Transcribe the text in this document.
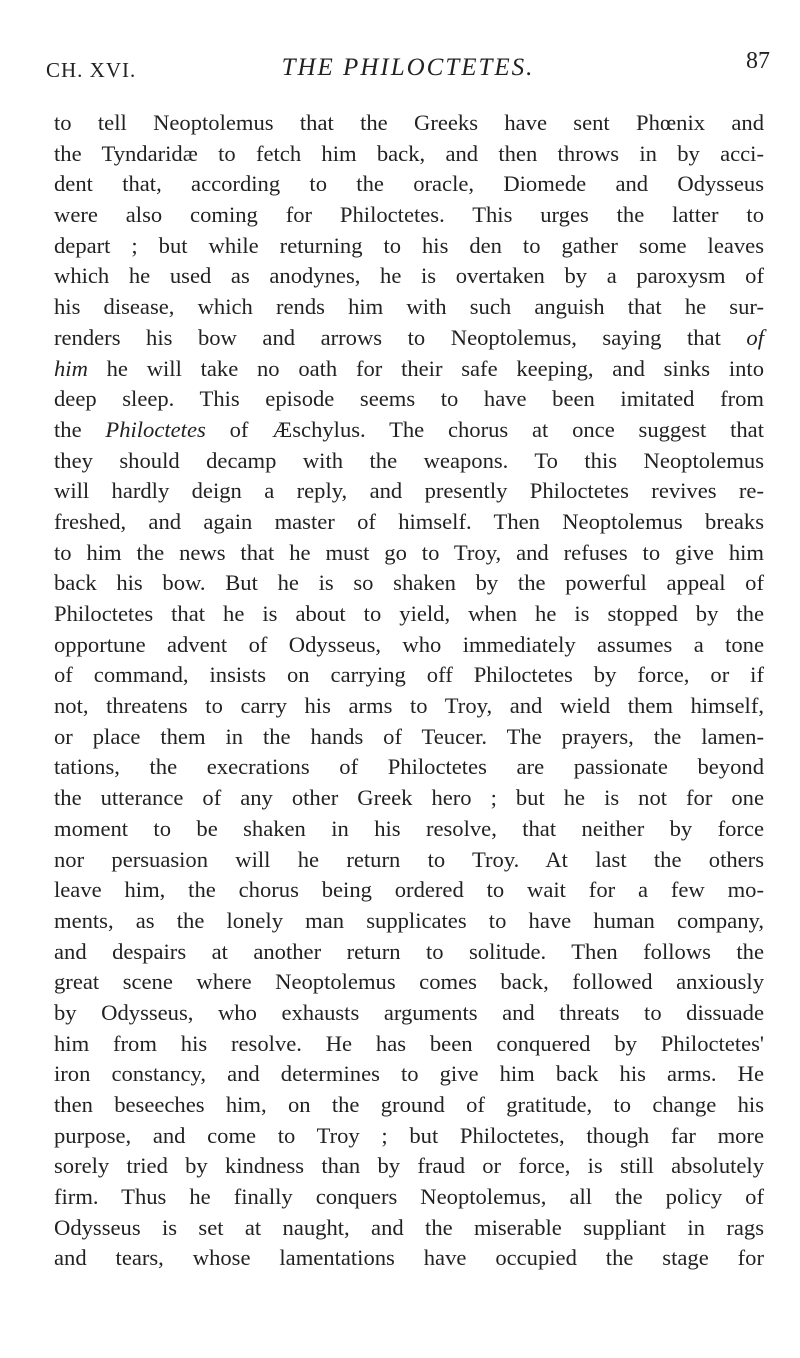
CH. XVI.	THE PHILOCTETES.	87
to tell Neoptolemus that the Greeks have sent Phœnix and
the Tyndaridæ to fetch him back, and then throws in by acci-
dent that, according to the oracle, Diomede and Odysseus
were also coming for Philoctetes. This urges the latter to
depart ; but while returning to his den to gather some leaves
which he used as anodynes, he is overtaken by a paroxysm of
his disease, which rends him with such anguish that he sur-
renders his bow and arrows to Neoptolemus, saying that of
him he will take no oath for their safe keeping, and sinks into
deep sleep. This episode seems to have been imitated from
the Philoctetes of Æschylus. The chorus at once suggest that
they should decamp with the weapons. To this Neoptolemus
will hardly deign a reply, and presently Philoctetes revives re-
freshed, and again master of himself. Then Neoptolemus breaks
to him the news that he must go to Troy, and refuses to give him
back his bow. But he is so shaken by the powerful appeal of
Philoctetes that he is about to yield, when he is stopped by the
opportune advent of Odysseus, who immediately assumes a tone
of command, insists on carrying off Philoctetes by force, or if
not, threatens to carry his arms to Troy, and wield them himself,
or place them in the hands of Teucer. The prayers, the lamen-
tations, the execrations of Philoctetes are passionate beyond
the utterance of any other Greek hero ; but he is not for one
moment to be shaken in his resolve, that neither by force
nor persuasion will he return to Troy. At last the others
leave him, the chorus being ordered to wait for a few mo-
ments, as the lonely man supplicates to have human company,
and despairs at another return to solitude. Then follows the
great scene where Neoptolemus comes back, followed anxiously
by Odysseus, who exhausts arguments and threats to dissuade
him from his resolve. He has been conquered by Philoctetes'
iron constancy, and determines to give him back his arms. He
then beseeches him, on the ground of gratitude, to change his
purpose, and come to Troy ; but Philoctetes, though far more
sorely tried by kindness than by fraud or force, is still absolutely
firm. Thus he finally conquers Neoptolemus, all the policy of
Odysseus is set at naught, and the miserable suppliant in rags
and tears, whose lamentations have occupied the stage for
